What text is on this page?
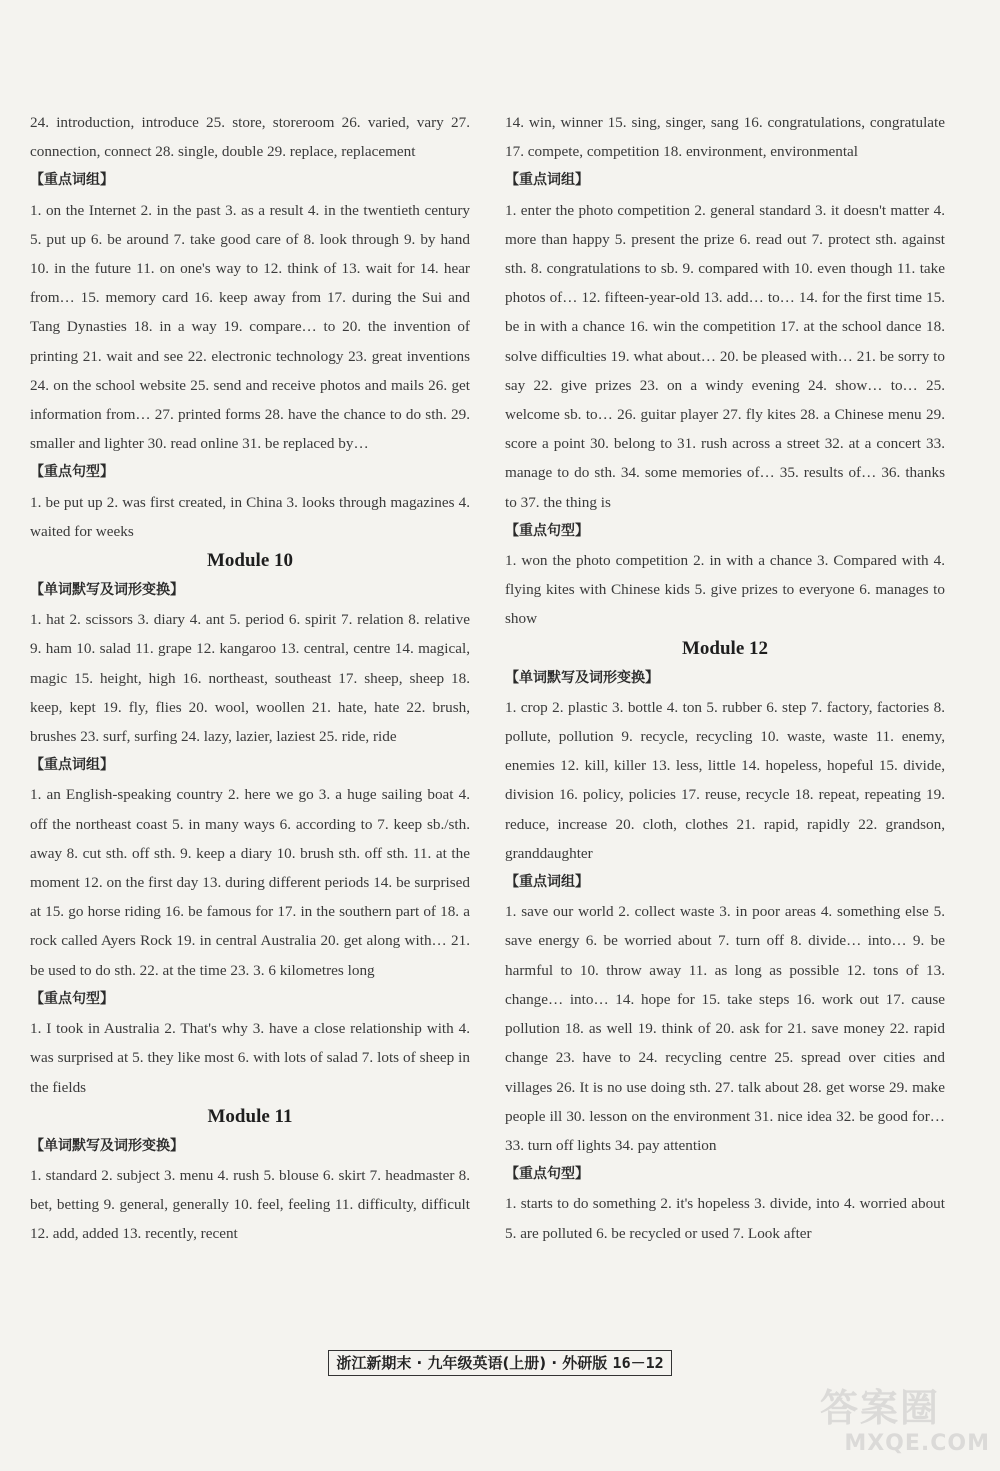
24. introduction, introduce 25. store, storeroom 26. varied, vary 27. connection, connect 28. single, double 29. replace, replacement

【重点词组】

1. on the Internet 2. in the past 3. as a result 4. in the twentieth century 5. put up 6. be around 7. take good care of 8. look through 9. by hand 10. in the future 11. on one's way to 12. think of 13. wait for 14. hear from… 15. memory card 16. keep away from 17. during the Sui and Tang Dynasties 18. in a way 19. compare… to 20. the invention of printing 21. wait and see 22. electronic technology 23. great inventions 24. on the school website 25. send and receive photos and mails 26. get information from… 27. printed forms 28. have the chance to do sth. 29. smaller and lighter 30. read online 31. be replaced by…

【重点句型】

1. be put up 2. was first created, in China 3. looks through magazines 4. waited for weeks

Module 10

【单词默写及词形变换】

1. hat 2. scissors 3. diary 4. ant 5. period 6. spirit 7. relation 8. relative 9. ham 10. salad 11. grape 12. kangaroo 13. central, centre 14. magical, magic 15. height, high 16. northeast, southeast 17. sheep, sheep 18. keep, kept 19. fly, flies 20. wool, woollen 21. hate, hate 22. brush, brushes 23. surf, surfing 24. lazy, lazier, laziest 25. ride, ride

【重点词组】

1. an English-speaking country 2. here we go 3. a huge sailing boat 4. off the northeast coast 5. in many ways 6. according to 7. keep sb./sth. away 8. cut sth. off sth. 9. keep a diary 10. brush sth. off sth. 11. at the moment 12. on the first day 13. during different periods 14. be surprised at 15. go horse riding 16. be famous for 17. in the southern part of 18. a rock called Ayers Rock 19. in central Australia 20. get along with… 21. be used to do sth. 22. at the time 23. 3. 6 kilometres long

【重点句型】

1. I took in Australia 2. That's why 3. have a close relationship with 4. was surprised at 5. they like most 6. with lots of salad 7. lots of sheep in the fields

Module 11

【单词默写及词形变换】

1. standard 2. subject 3. menu 4. rush 5. blouse 6. skirt 7. headmaster 8. bet, betting 9. general, generally 10. feel, feeling 11. difficulty, difficult 12. add, added 13. recently, recent

14. win, winner 15. sing, singer, sang 16. congratulations, congratulate 17. compete, competition 18. environment, environmental

【重点词组】

1. enter the photo competition 2. general standard 3. it doesn't matter 4. more than happy 5. present the prize 6. read out 7. protect sth. against sth. 8. congratulations to sb. 9. compared with 10. even though 11. take photos of… 12. fifteen-year-old 13. add… to… 14. for the first time 15. be in with a chance 16. win the competition 17. at the school dance 18. solve difficulties 19. what about… 20. be pleased with… 21. be sorry to say 22. give prizes 23. on a windy evening 24. show… to… 25. welcome sb. to… 26. guitar player 27. fly kites 28. a Chinese menu 29. score a point 30. belong to 31. rush across a street 32. at a concert 33. manage to do sth. 34. some memories of… 35. results of… 36. thanks to 37. the thing is

【重点句型】

1. won the photo competition 2. in with a chance 3. Compared with 4. flying kites with Chinese kids 5. give prizes to everyone 6. manages to show

Module 12

【单词默写及词形变换】

1. crop 2. plastic 3. bottle 4. ton 5. rubber 6. step 7. factory, factories 8. pollute, pollution 9. recycle, recycling 10. waste, waste 11. enemy, enemies 12. kill, killer 13. less, little 14. hopeless, hopeful 15. divide, division 16. policy, policies 17. reuse, recycle 18. repeat, repeating 19. reduce, increase 20. cloth, clothes 21. rapid, rapidly 22. grandson, granddaughter

【重点词组】

1. save our world 2. collect waste 3. in poor areas 4. something else 5. save energy 6. be worried about 7. turn off 8. divide… into… 9. be harmful to 10. throw away 11. as long as possible 12. tons of 13. change… into… 14. hope for 15. take steps 16. work out 17. cause pollution 18. as well 19. think of 20. ask for 21. save money 22. rapid change 23. have to 24. recycling centre 25. spread over cities and villages 26. It is no use doing sth. 27. talk about 28. get worse 29. make people ill 30. lesson on the environment 31. nice idea 32. be good for… 33. turn off lights 34. pay attention

【重点句型】

1. starts to do something 2. it's hopeless 3. divide, into 4. worried about 5. are polluted 6. be recycled or used 7. Look after

浙江新期末 · 九年级英语(上册) · 外研版 16－12
答案圈
MXQE.COM
